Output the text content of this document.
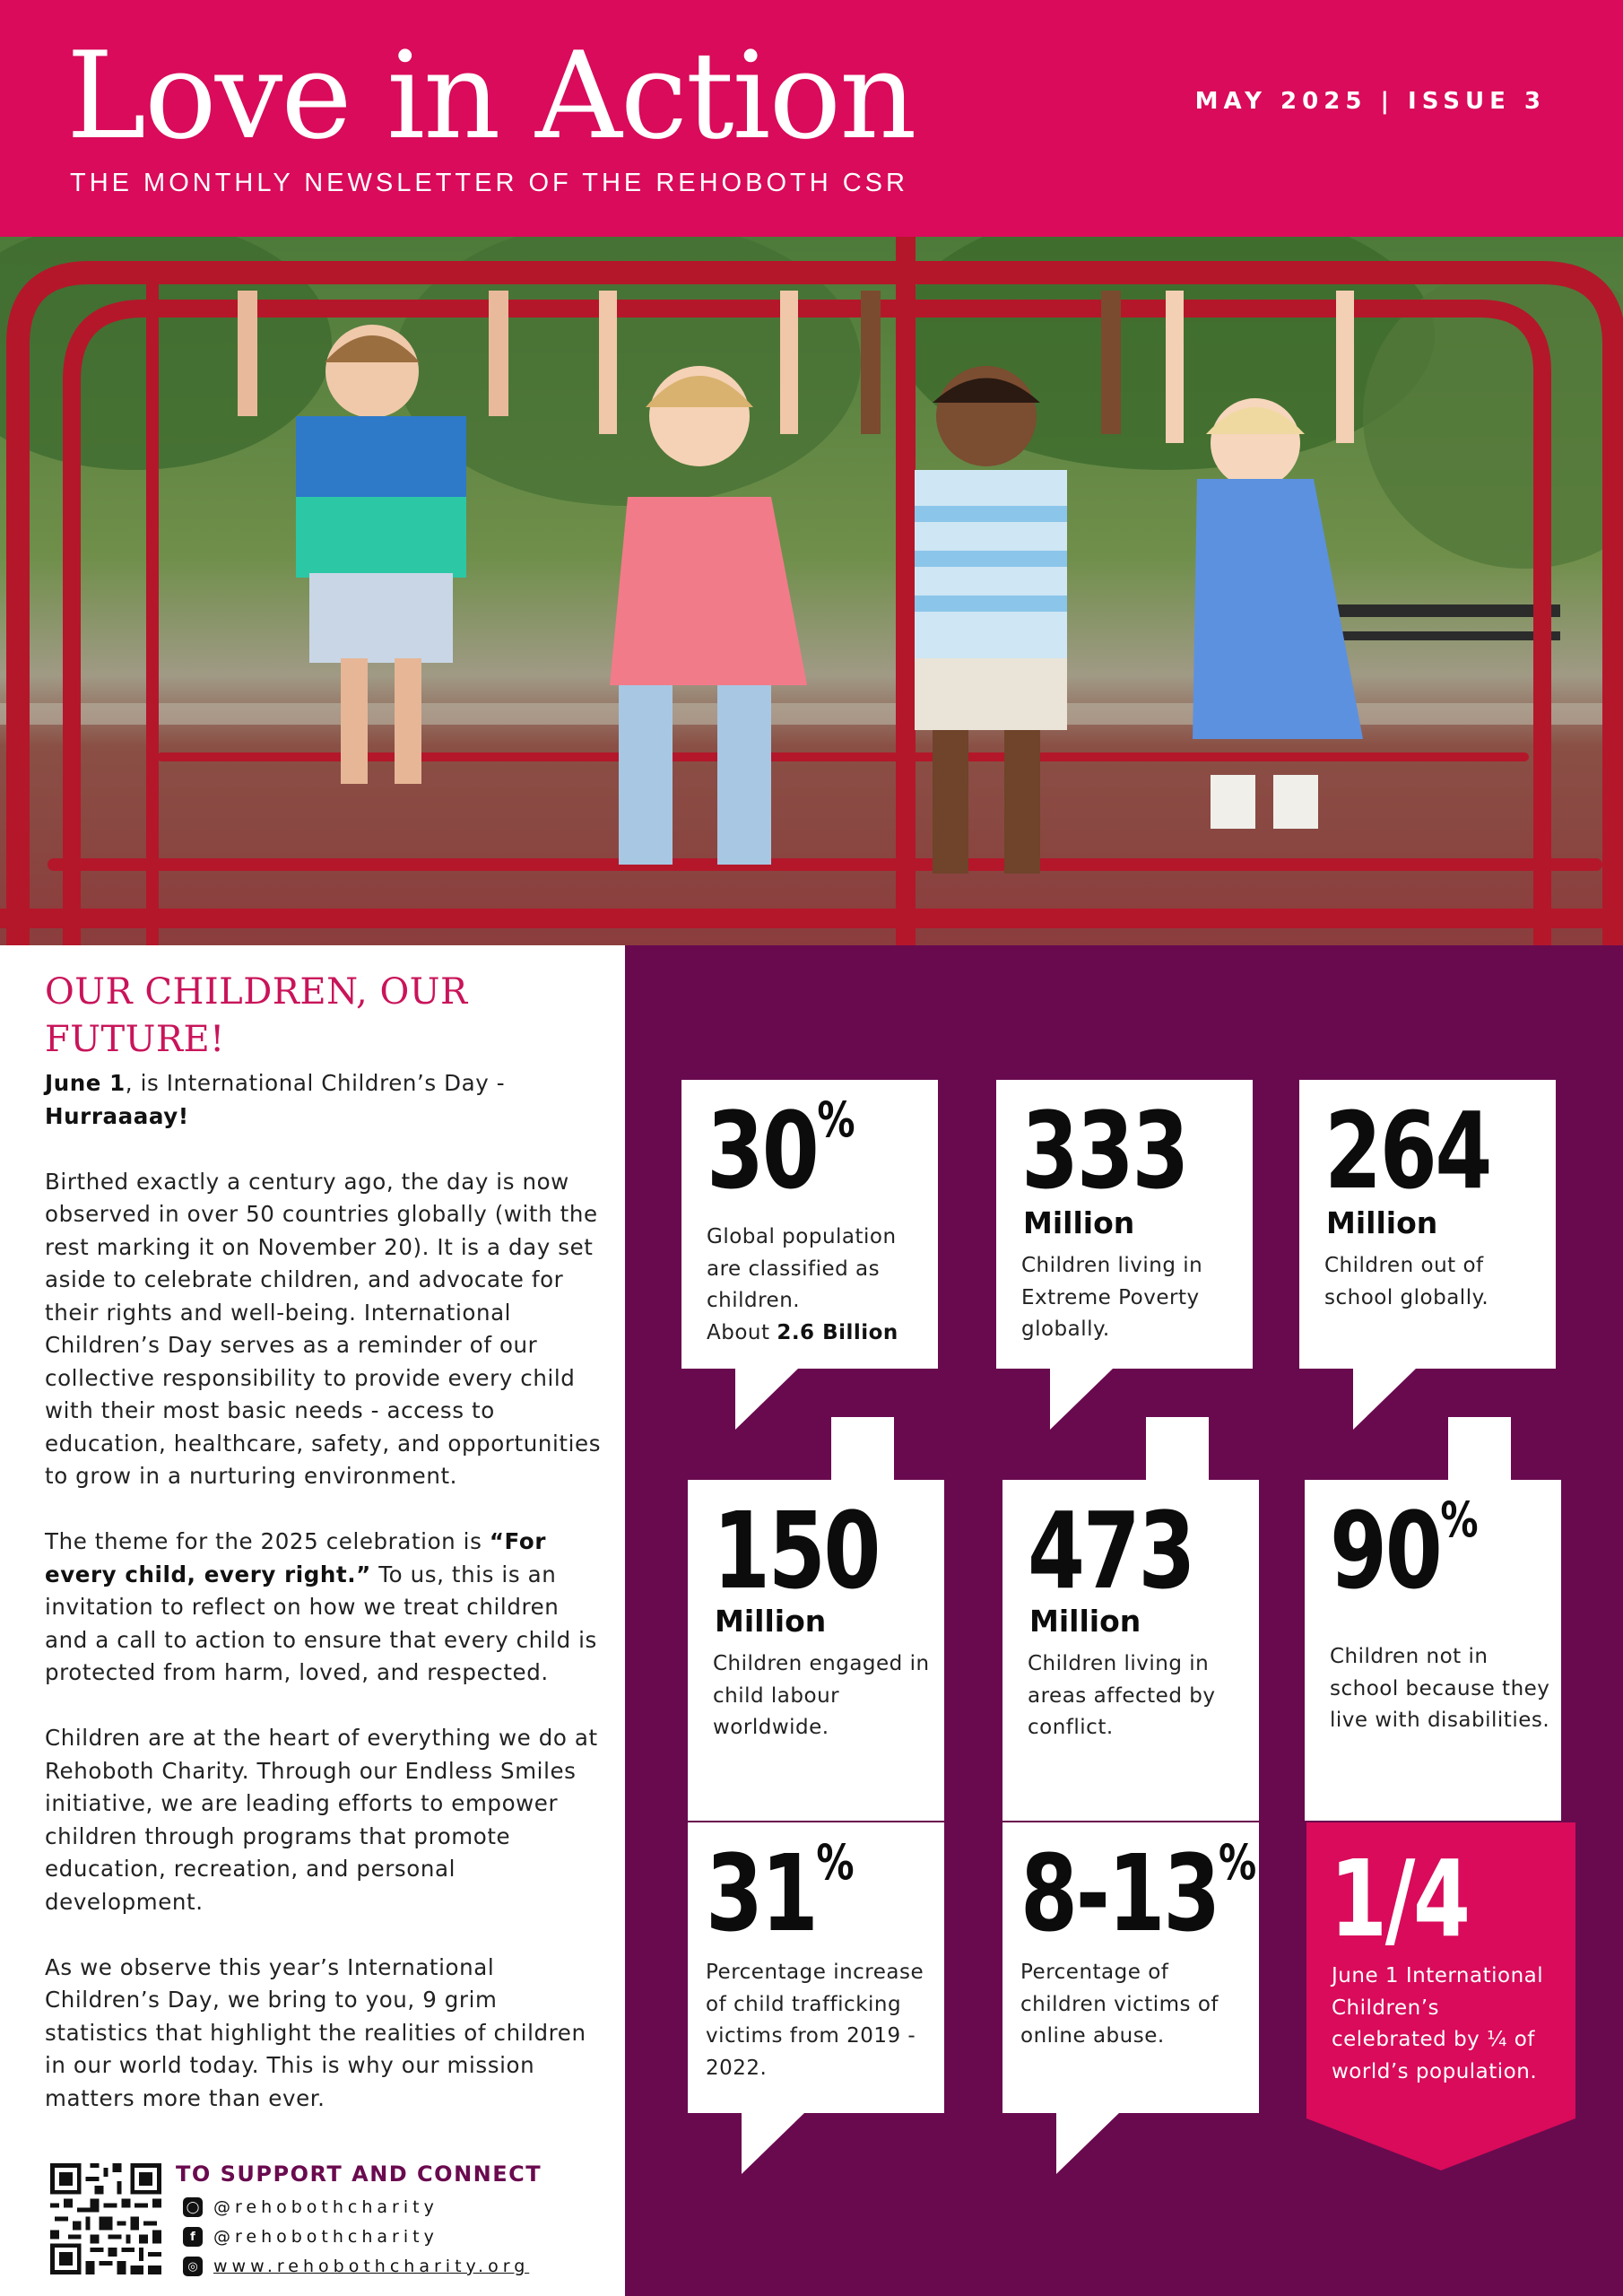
Love in Action
THE MONTHLY NEWSLETTER OF THE REHOBOTH CSR
MAY 2025 | ISSUE 3
OUR CHILDREN, OUR
FUTURE!

June 1, is International Children’s Day -
Hurraaaay!

Birthed exactly a century ago, the day is now observed in over 50 countries globally (with the rest marking it on November 20). It is a day set aside to celebrate children, and advocate for their rights and well-being. International Children’s Day serves as a reminder of our collective responsibility to provide every child with their most basic needs - access to education, healthcare, safety, and opportunities to grow in a nurturing environment.

The theme for the 2025 celebration is “For every child, every right.” To us, this is an invitation to reflect on how we treat children and a call to action to ensure that every child is protected from harm, loved, and respected.

Children are at the heart of everything we do at Rehoboth Charity. Through our Endless Smiles initiative, we are leading efforts to empower children through programs that promote education, recreation, and personal development.

As we observe this year’s International Children’s Day, we bring to you, 9 grim statistics that highlight the realities of children in our world today. This is why our mission matters more than ever.

TO SUPPORT AND CONNECT
◯ @rehobothcharity
f	@rehobothcharity
◎ www.rehobothcharity.org
30%
Global population are classified as children.
About 2.6 Billion
333
Million
Children living in Extreme Poverty globally.
264
Million
Children out of school globally.
150
Million
Children engaged in child labour worldwide.
473
Million
Children living in areas affected by conflict.
90%
Children not in school because they live with disabilities.
31%
Percentage increase of child trafficking victims from 2019 - 2022.
8-13%
Percentage of children victims of online abuse.
1/4
June 1 International Children’s celebrated by ¼ of world’s population.
